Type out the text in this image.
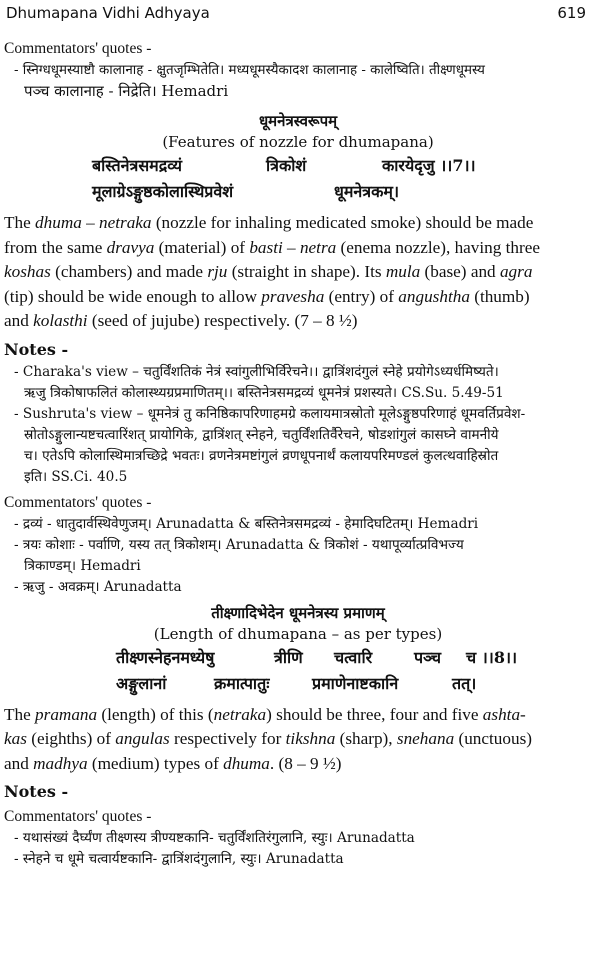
Dhumapana Vidhi Adhyaya	619
Commentators' quotes -
- स्निग्धधूमस्याष्टौ कालानाह - क्षुतजृम्भितेति। मध्यधूमस्यैकादश कालानाह - कालेष्विति। तीक्ष्णधूमस्य
पञ्च कालानाह - निद्रेति। Hemadri
धूमनेत्रस्वरूपम्
(Features of nozzle for dhumapana)
बस्तिनेत्रसमद्रव्यं	त्रिकोशं	कारयेदृजु ।।7।।
मूलाग्रेऽङ्गुष्ठकोलास्थिप्रवेशं	धूमनेत्रकम्।
The dhuma – netraka (nozzle for inhaling medicated smoke) should be made
from the same dravya (material) of basti – netra (enema nozzle), having three
koshas (chambers) and made rju (straight in shape). Its mula (base) and agra
(tip) should be wide enough to allow pravesha (entry) of angushtha (thumb)
and kolasthi (seed of jujube) respectively. (7 – 8 ½)
Notes -
- Charaka's view – चतुर्विंशतिकं नेत्रं स्वांगुलीभिर्विरेचने।। द्वात्रिंशदंगुलं स्नेहे प्रयोगेऽध्यर्धमिष्यते।
ऋजु त्रिकोषाफलितं कोलास्थ्यग्रप्रमाणितम्।। बस्तिनेत्रसमद्रव्यं धूमनेत्रं प्रशस्यते। CS.Su. 5.49-51
- Sushruta's view – धूमनेत्रं तु कनिष्ठिकापरिणाहमग्रे कलायमात्रस्रोतो मूलेऽङ्गुष्ठपरिणाहं धूमवर्तिप्रवेश-
स्रोतोऽङ्गुलान्यष्टचत्वारिंशत् प्रायोगिके, द्वात्रिंशत् स्नेहने, चतुर्विंशतिर्वैरेचने, षोडशांगुलं कासघ्ने वामनीये
च। एतेऽपि कोलास्थिमात्रच्छिद्रे भवतः। व्रणनेत्रमष्टांगुलं व्रणधूपनार्थं कलायपरिमण्डलं कुलत्थवाहिस्रोत
इति। SS.Ci. 40.5
Commentators' quotes -
- द्रव्यं - धातुदार्वस्थिवेणुजम्। Arunadatta & बस्तिनेत्रसमद्रव्यं - हेमादिघटितम्। Hemadri
- त्रयः कोशाः - पर्वाणि, यस्य तत् त्रिकोशम्। Arunadatta & त्रिकोशं - यथापूर्व्यात्प्रविभज्य
त्रिकाण्डम्। Hemadri
- ऋजु - अवक्रम्। Arunadatta
तीक्ष्णादिभेदेन धूमनेत्रस्य प्रमाणम्
(Length of dhumapana – as per types)
तीक्ष्णस्नेहनमध्येषु	त्रीणि चत्वारि	पञ्च च ।।8।।
अङ्गुलानां	क्रमात्पातुः	प्रमाणेनाष्टकानि	तत्।
The pramana (length) of this (netraka) should be three, four and five ashta-
kas (eighths) of angulas respectively for tikshna (sharp), snehana (unctuous)
and madhya (medium) types of dhuma. (8 – 9 ½)
Notes -
Commentators' quotes -
- यथासंख्यं दैर्घ्यंण तीक्ष्णस्य त्रीण्यष्टकानि- चतुर्विंशतिरंगुलानि, स्युः। Arunadatta
- स्नेहने च धूमे चत्वार्यष्टकानि- द्वात्रिंशदंगुलानि, स्युः। Arunadatta
